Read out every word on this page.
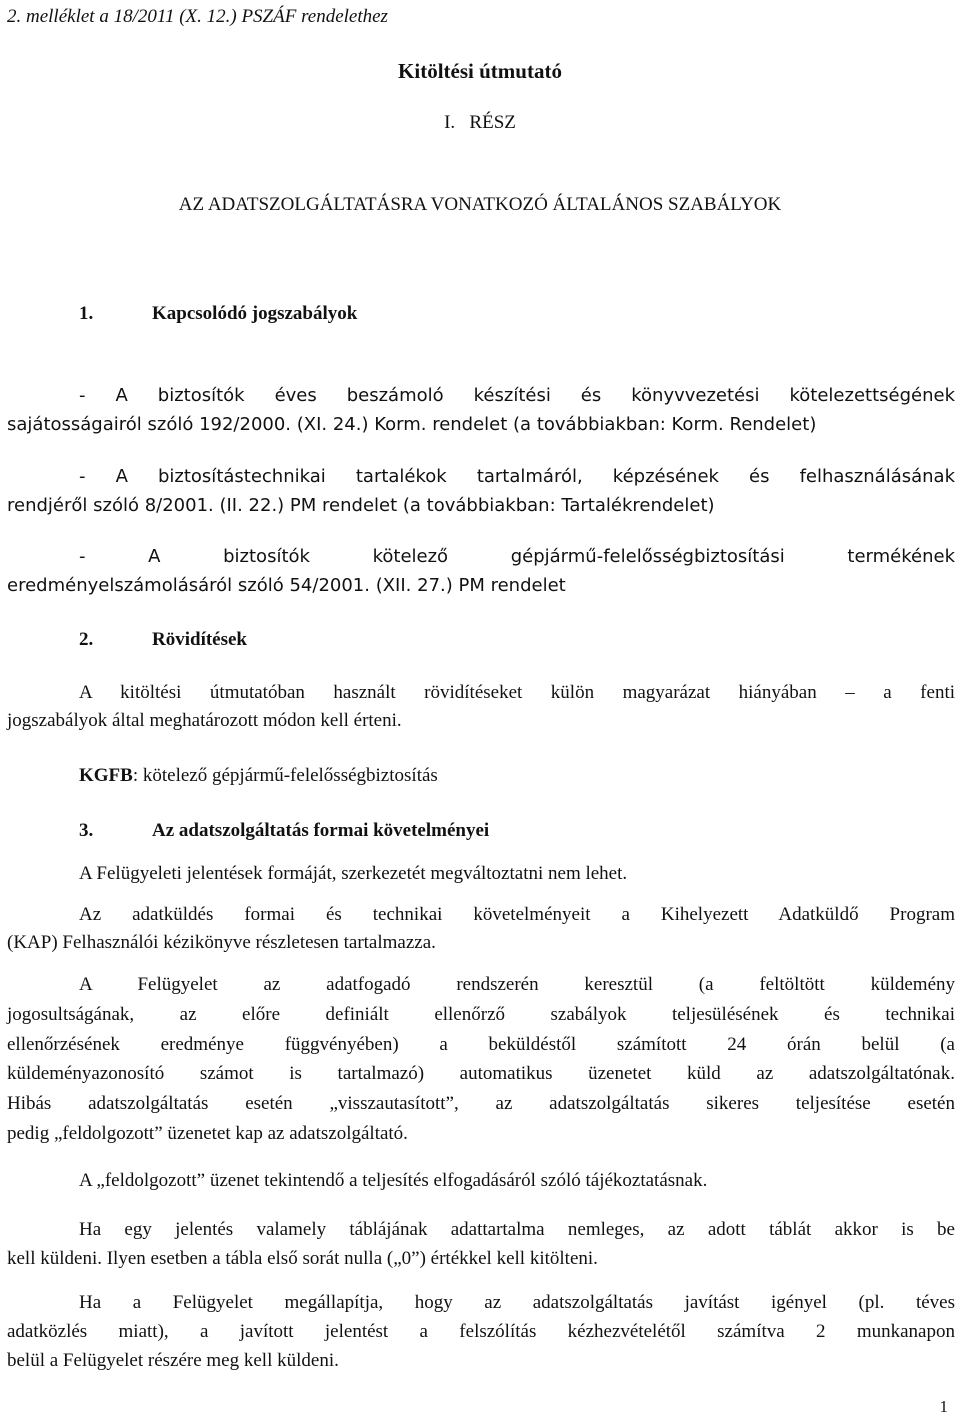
2. melléklet a 18/2011 (X. 12.) PSZÁF rendelethez
Kitöltési útmutató
I.   RÉSZ
AZ ADATSZOLGÁLTATÁSRA VONATKOZÓ ÁLTALÁNOS SZABÁLYOK
1.	Kapcsolódó jogszabályok
- A biztosítók éves beszámoló készítési és könyvvezetési kötelezettségének
sajátosságairól szóló 192/2000. (XI. 24.) Korm. rendelet (a továbbiakban: Korm. Rendelet)
- A biztosítástechnikai tartalékok tartalmáról, képzésének és felhasználásának
rendjéről szóló 8/2001. (II. 22.) PM rendelet (a továbbiakban: Tartalékrendelet)
- A biztosítók kötelező gépjármű-felelősségbiztosítási termékének
eredményelszámolásáról szóló 54/2001. (XII. 27.) PM rendelet
2.	Rövidítések
A kitöltési útmutatóban használt rövidítéseket külön magyarázat hiányában – a fenti
jogszabályok által meghatározott módon kell érteni.
KGFB: kötelező gépjármű-felelősségbiztosítás
3.	Az adatszolgáltatás formai követelményei
A Felügyeleti jelentések formáját, szerkezetét megváltoztatni nem lehet.
Az adatküldés formai és technikai követelményeit a Kihelyezett Adatküldő Program
(KAP) Felhasználói kézikönyve részletesen tartalmazza.
A Felügyelet az adatfogadó rendszerén keresztül (a feltöltött küldemény
jogosultságának, az előre definiált ellenőrző szabályok teljesülésének és technikai
ellenőrzésének eredménye függvényében) a beküldéstől számított 24 órán belül (a
küldeményazonosító számot is tartalmazó) automatikus üzenetet küld az adatszolgáltatónak.
Hibás adatszolgáltatás esetén „visszautasított”, az adatszolgáltatás sikeres teljesítése esetén
pedig „feldolgozott” üzenetet kap az adatszolgáltató.
A „feldolgozott” üzenet tekintendő a teljesítés elfogadásáról szóló tájékoztatásnak.
Ha egy jelentés valamely táblájának adattartalma nemleges, az adott táblát akkor is be
kell küldeni. Ilyen esetben a tábla első sorát nulla („0”) értékkel kell kitölteni.
Ha a Felügyelet megállapítja, hogy az adatszolgáltatás javítást igényel (pl. téves
adatközlés miatt), a javított jelentést a felszólítás kézhezvételétől számítva 2 munkanapon
belül a Felügyelet részére meg kell küldeni.
1
